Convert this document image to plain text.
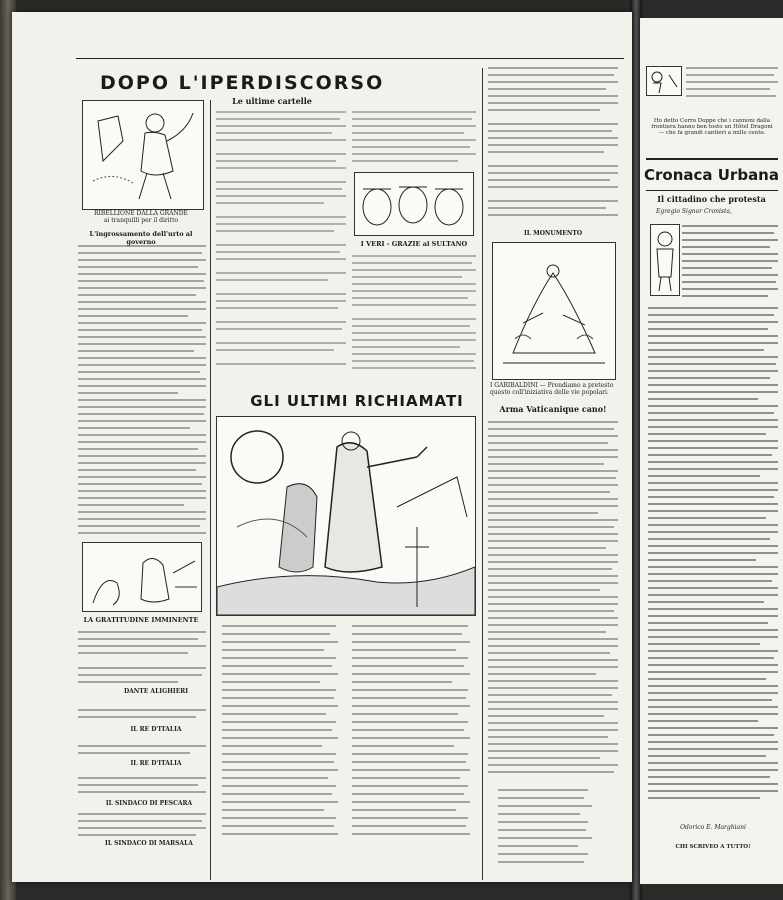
DOPO L'IPERDISCORSO
Le ultime cartelle
RIBELLIONE DALLA GRANDE
ai tranquilli per il diritto
L'ingrossamento dell'urto al governo
LA GRATITUDINE IMMINENTE
DANTE ALIGHIERI
IL RE D'ITALIA
IL RE D'ITALIA
IL SINDACO DI PESCARA
IL SINDACO DI MARSALA
I VERI - GRAZIE al SULTANO
IL MONUMENTO
I GARIBALDINI — Prendiamo a pretesto questo coll'iniziativa delle vie popolari.
GLI ULTIMI RICHIAMATI	Arma Vaticanique cano!
Ho detto Cerro Doppe che i cannoni dalla frontiera hanno ben tosto un Hôtel Dragoni — che fa grandi cantieri a mille cento.
Cronaca Urbana
Il cittadino che protesta
Egregio Signor Cronista,
Odorico E. Marghiani
CHI SCRIVEO A TUTTO!
